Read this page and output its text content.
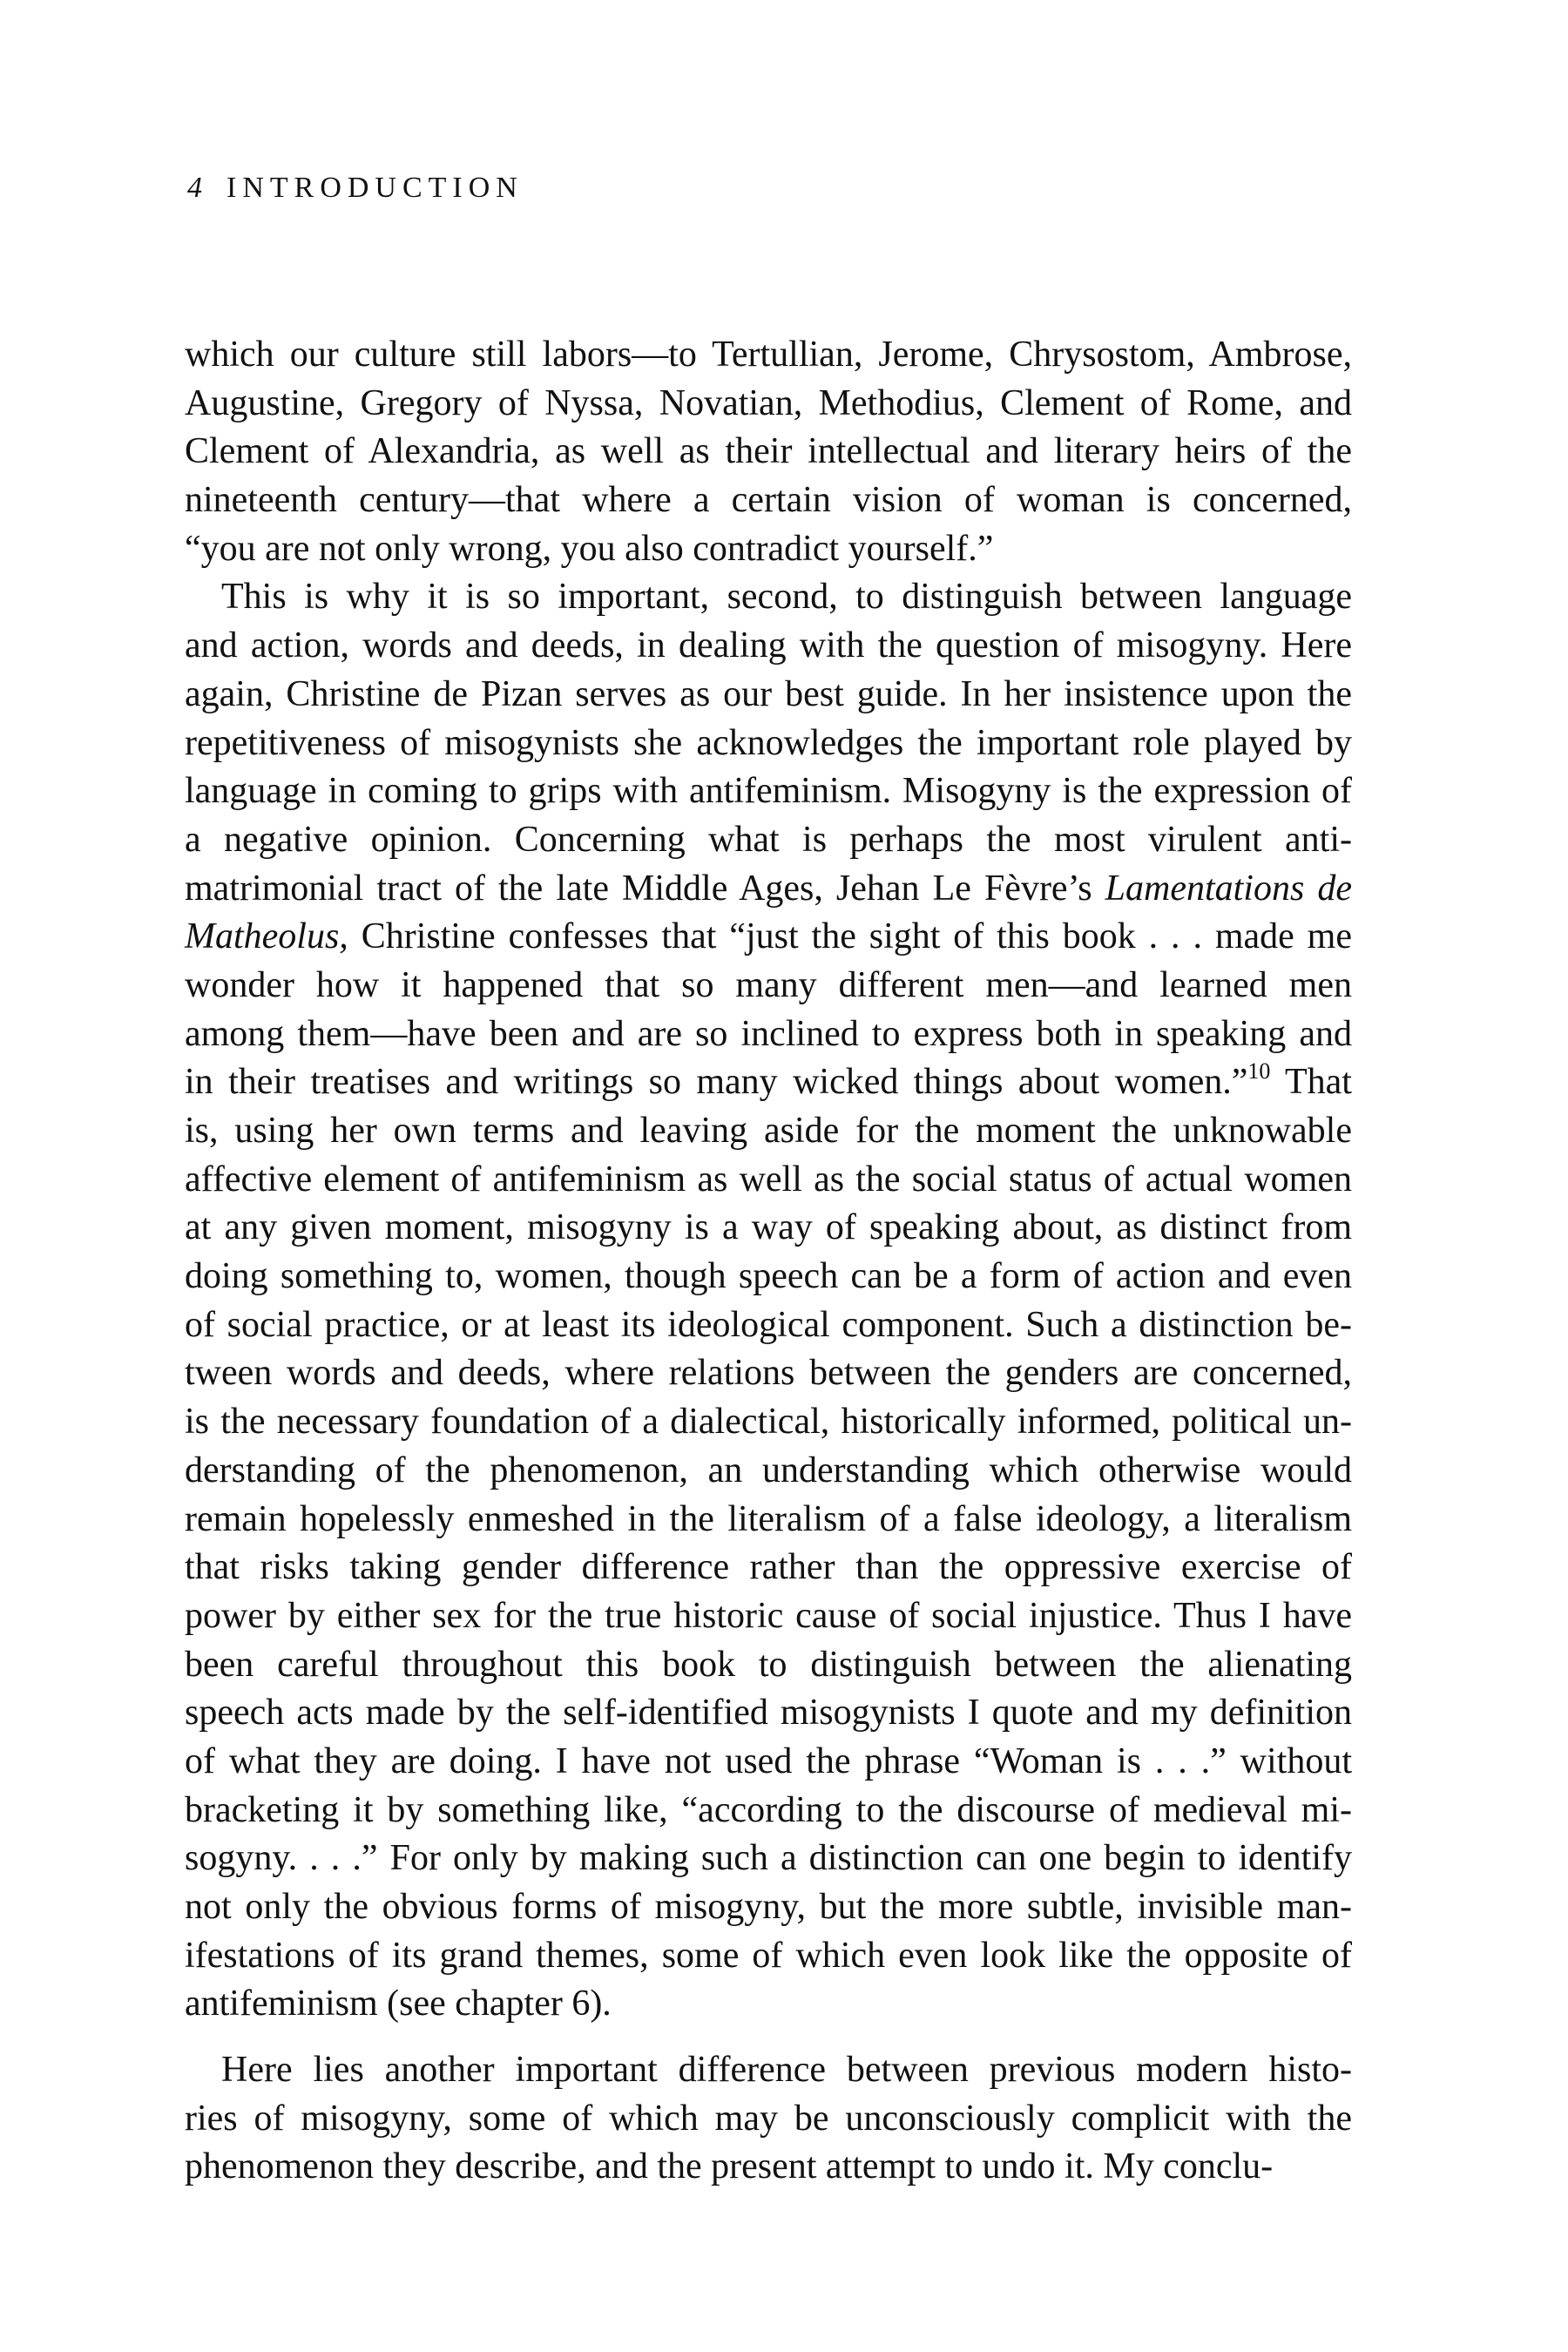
4 INTRODUCTION
which our culture still labors—to Tertullian, Jerome, Chrysostom, Ambrose,
Augustine, Gregory of Nyssa, Novatian, Methodius, Clement of Rome, and
Clement of Alexandria, as well as their intellectual and literary heirs of the
nineteenth century—that where a certain vision of woman is concerned,
“you are not only wrong, you also contradict yourself.”
This is why it is so important, second, to distinguish between language
and action, words and deeds, in dealing with the question of misogyny. Here
again, Christine de Pizan serves as our best guide. In her insistence upon the
repetitiveness of misogynists she acknowledges the important role played by
language in coming to grips with antifeminism. Misogyny is the expression of
a negative opinion. Concerning what is perhaps the most virulent anti-
matrimonial tract of the late Middle Ages, Jehan Le Fèvre’s Lamentations de
Matheolus, Christine confesses that “just the sight of this book . . . made me
wonder how it happened that so many different men—and learned men
among them—have been and are so inclined to express both in speaking and
in their treatises and writings so many wicked things about women.”$^{10}$ That
is, using her own terms and leaving aside for the moment the unknowable
affective element of antifeminism as well as the social status of actual women
at any given moment, misogyny is a way of speaking about, as distinct from
doing something to, women, though speech can be a form of action and even
of social practice, or at least its ideological component. Such a distinction be-
tween words and deeds, where relations between the genders are concerned,
is the necessary foundation of a dialectical, historically informed, political un-
derstanding of the phenomenon, an understanding which otherwise would
remain hopelessly enmeshed in the literalism of a false ideology, a literalism
that risks taking gender difference rather than the oppressive exercise of
power by either sex for the true historic cause of social injustice. Thus I have
been careful throughout this book to distinguish between the alienating
speech acts made by the self-identified misogynists I quote and my definition
of what they are doing. I have not used the phrase “Woman is . . .” without
bracketing it by something like, “according to the discourse of medieval mi-
sogyny. . . .” For only by making such a distinction can one begin to identify
not only the obvious forms of misogyny, but the more subtle, invisible man-
ifestations of its grand themes, some of which even look like the opposite of
antifeminism (see chapter 6).
Here lies another important difference between previous modern histo-
ries of misogyny, some of which may be unconsciously complicit with the
phenomenon they describe, and the present attempt to undo it. My conclu-
